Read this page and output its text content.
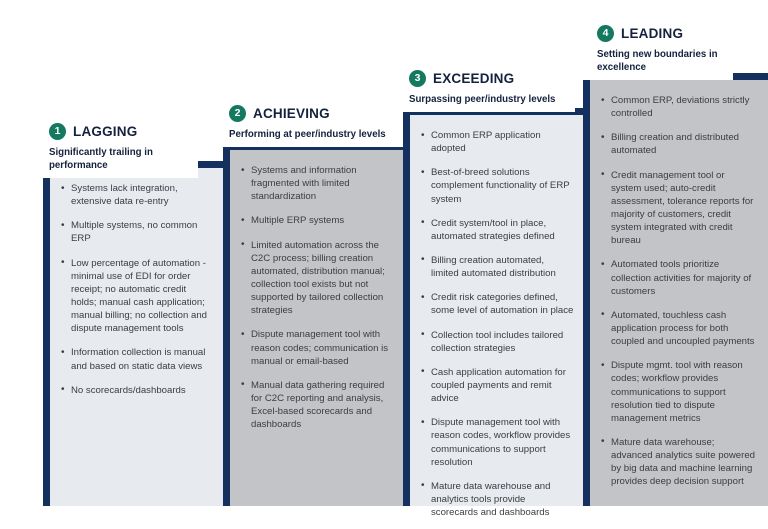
• Systems lack integration, extensive data re-entry
• Multiple systems, no common ERP
• Low percentage of automation - minimal use of EDI for order receipt; no automatic credit holds; manual cash application; manual billing; no collection and dispute management tools
• Information collection is manual and based on static data views
• No scorecards/dashboards
1 LAGGING
Significantly trailing in performance	• Systems and information fragmented with limited standardization
• Multiple ERP systems
• Limited automation across the C2C process; billing creation automated, distribution manual; collection tool exists but not supported by tailored collection strategies
• Dispute management tool with reason codes; communication is manual or email-based
• Manual data gathering required for C2C reporting and analysis, Excel-based scorecards and dashboards
2 ACHIEVING
Performing at peer/industry levels	• Common ERP application adopted
• Best-of-breed solutions complement functionality of ERP system
• Credit system/tool in place, automated strategies defined
• Billing creation automated, limited automated distribution
• Credit risk categories defined, some level of automation in place
• Collection tool includes tailored collection strategies
• Cash application automation for coupled payments and remit advice
• Dispute management tool with reason codes, workflow provides communications to support resolution
• Mature data warehouse and analytics tools provide scorecards and dashboards
3 EXCEEDING
Surpassing peer/industry levels	• Common ERP, deviations strictly controlled
• Billing creation and distributed automated
• Credit management tool or system used; auto-credit assessment, tolerance reports for majority of customers, credit system integrated with credit bureau
• Automated tools prioritize collection activities for majority of customers
• Automated, touchless cash application process for both coupled and uncoupled payments
• Dispute mgmt. tool with reason codes; workflow provides communications to support resolution tied to dispute management metrics
• Mature data warehouse; advanced analytics suite powered by big data and machine learning provides deep decision support
4 LEADING
Setting new boundaries in excellence
